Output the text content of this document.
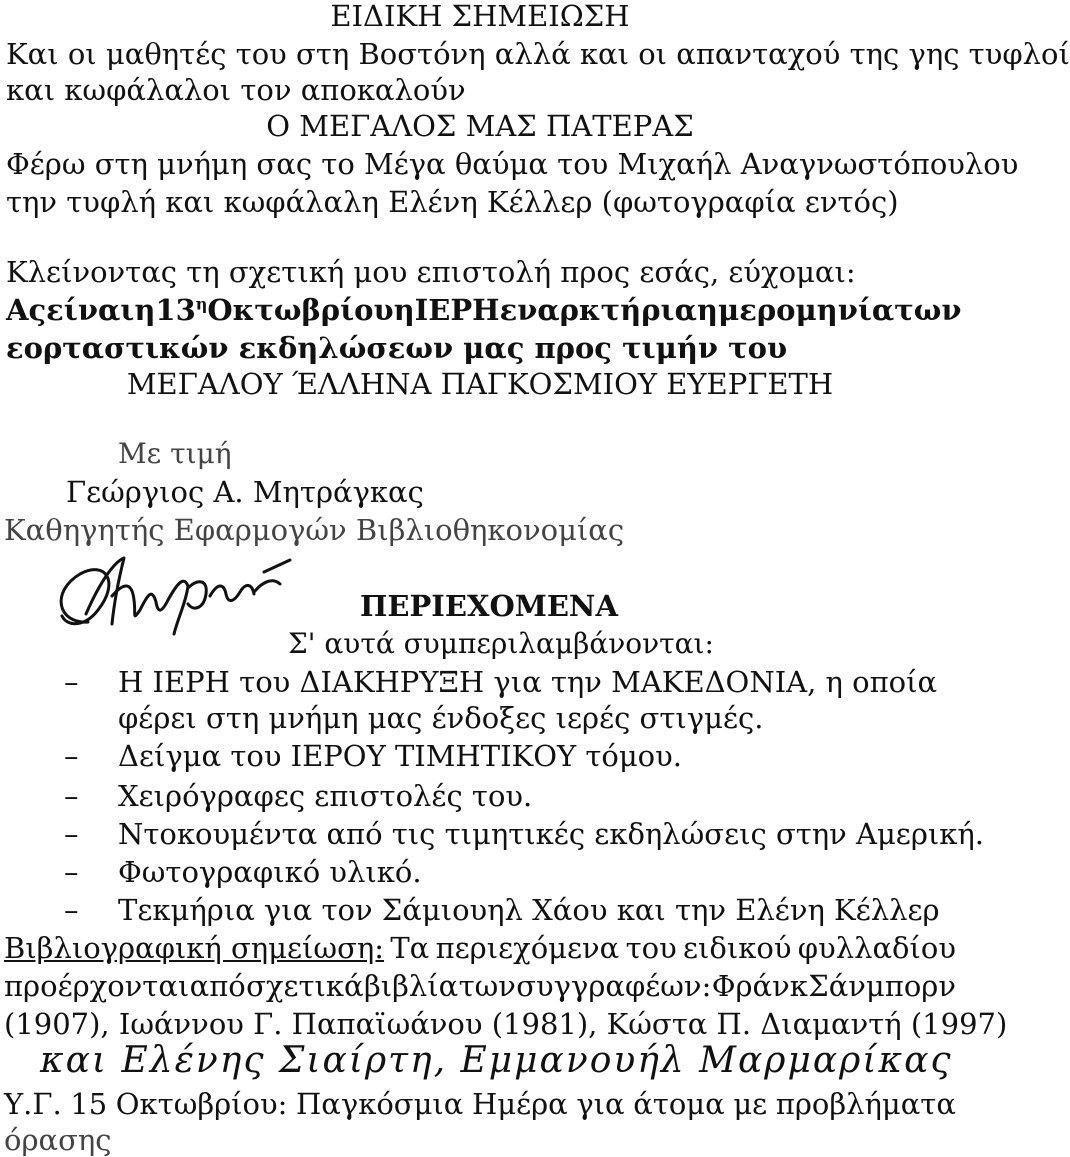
ΕΙΔΙΚΗ ΣΗΜΕΙΩΣΗ
Και οι μαθητές του στη Βοστόνη αλλά και οι απανταχού της γης τυφλοί
και κωφάλαλοι τον αποκαλούν
Ο ΜΕΓΑΛΟΣ ΜΑΣ ΠΑΤΕΡΑΣ
Φέρω στη μνήμη σας το Μέγα θαύμα του Μιχαήλ Αναγνωστόπουλου
την τυφλή και κωφάλαλη Ελένη Κέλλερ (φωτογραφία εντός)
Κλείνοντας τη σχετική μου επιστολή προς εσάς, εύχομαι:
Ας είναι η $13^\eta$ Οκτωβρίου η ΙΕΡΗ εναρκτήρια ημερομηνία των
εορταστικών εκδηλώσεων μας προς τιμήν του
ΜΕΓΑΛΟΥ ΈΛΛΗΝΑ ΠΑΓΚΟΣΜΙΟΥ ΕΥΕΡΓΕΤΗ
Με τιμή
Γεώργιος Α. Μητράγκας
Καθηγητής Εφαρμογών Βιβλιοθηκονομίας
ΠΕΡΙΕΧΟΜΕΝΑ
Σ' αυτά συμπεριλαμβάνονται:
– Η ΙΕΡΗ του ΔΙΑΚΗΡΥΞΗ για την ΜΑΚΕΔΟΝΙΑ, η οποία
φέρει στη μνήμη μας ένδοξες ιερές στιγμές.
– Δείγμα του ΙΕΡΟΥ ΤΙΜΗΤΙΚΟΥ τόμου.
– Χειρόγραφες επιστολές του.
– Ντοκουμέντα από τις τιμητικές εκδηλώσεις στην Αμερική.
– Φωτογραφικό υλικό.
– Τεκμήρια για τον Σάμιουηλ Χάου και την Ελένη Κέλλερ
Βιβλιογραφική σημείωση: Τα περιεχόμενα του ειδικού φυλλαδίου
προέρχονται από σχετικά βιβλία των συγγραφέων: Φράνκ Σάνμπορν
(1907), Ιωάννου Γ. Παπαϊωάνου (1981), Κώστα Π. Διαμαντή (1997)
και Ελένης Σιαίρτη, Εμμανουήλ Μαρμαρίκας
Υ.Γ. 15 Οκτωβρίου: Παγκόσμια Ημέρα για άτομα με προβλήματα
όρασης
